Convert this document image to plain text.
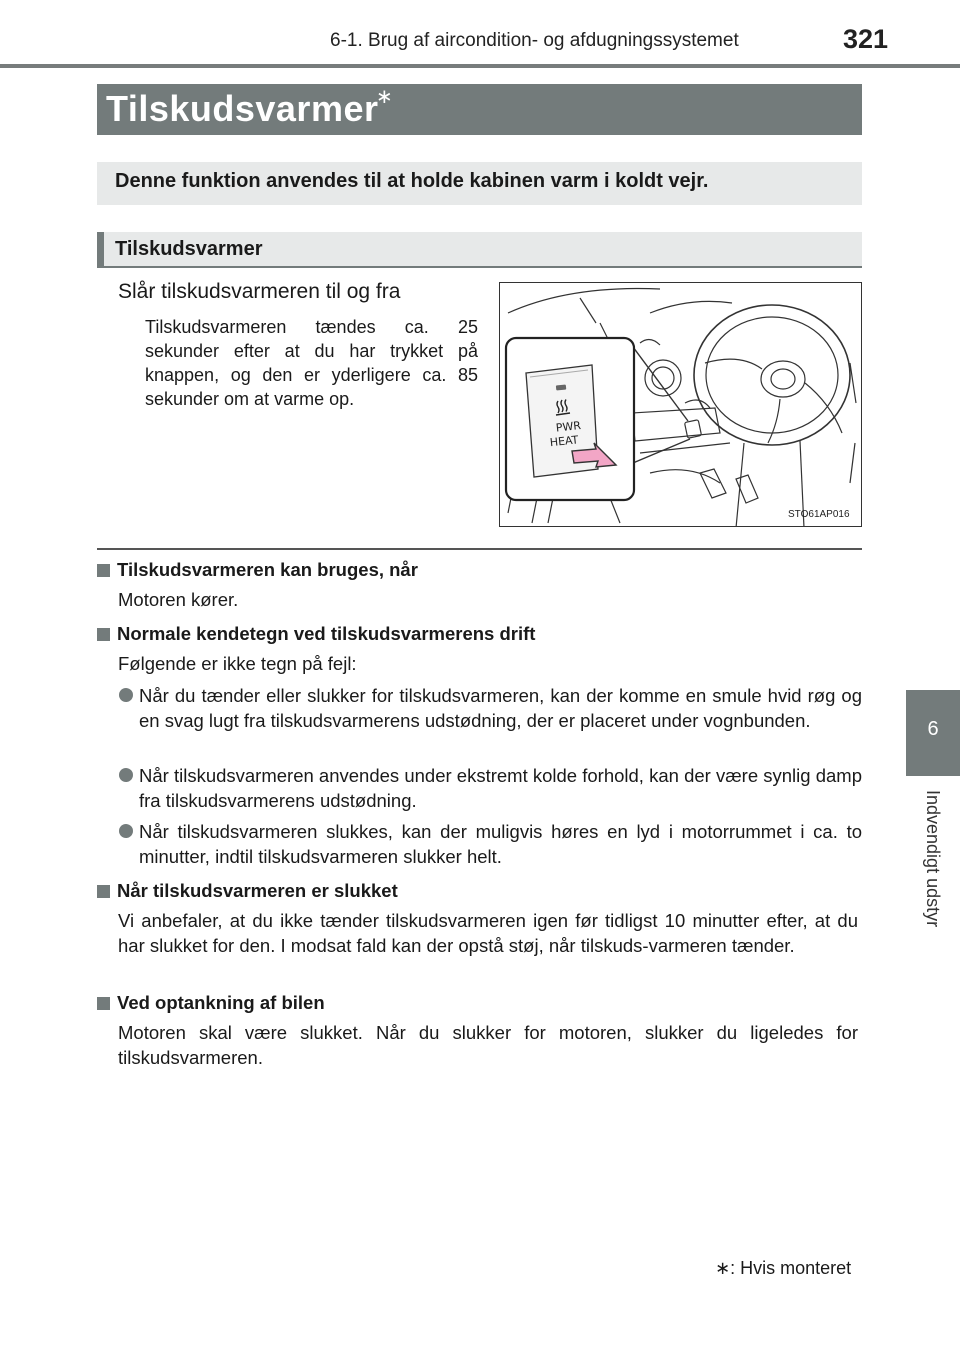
6-1. Brug af aircondition- og afdugningssystemet	321
Tilskudsvarmer
∗
Denne funktion anvendes til at holde kabinen varm i koldt vejr.
Tilskudsvarmer
Slår tilskudsvarmeren til og fra
Tilskudsvarmeren tændes ca. 25 sekunder efter at du har trykket på knappen, og den er yderligere ca. 85 sekunder om at varme op.
PWR
HEAT
STO61AP016
Tilskudsvarmeren kan bruges, når
Motoren kører.
Normale kendetegn ved tilskudsvarmerens drift
Følgende er ikke tegn på fejl:
Når du tænder eller slukker for tilskudsvarmeren, kan der komme en smule hvid røg og en svag lugt fra tilskudsvarmerens udstødning, der er placeret under vognbunden.
Når tilskudsvarmeren anvendes under ekstremt kolde forhold, kan der være synlig damp fra tilskudsvarmerens udstødning.
Når tilskudsvarmeren slukkes, kan der muligvis høres en lyd i motorrummet i ca. to minutter, indtil tilskudsvarmeren slukker helt.
Når tilskudsvarmeren er slukket
Vi anbefaler, at du ikke tænder tilskudsvarmeren igen før tidligst 10 minutter efter, at du har slukket for den. I modsat fald kan der opstå støj, når tilskuds-varmeren tænder.
Ved optankning af bilen
Motoren skal være slukket. Når du slukker for motoren, slukker du ligeledes for tilskudsvarmeren.
∗: Hvis monteret
6
Indvendigt udstyr
